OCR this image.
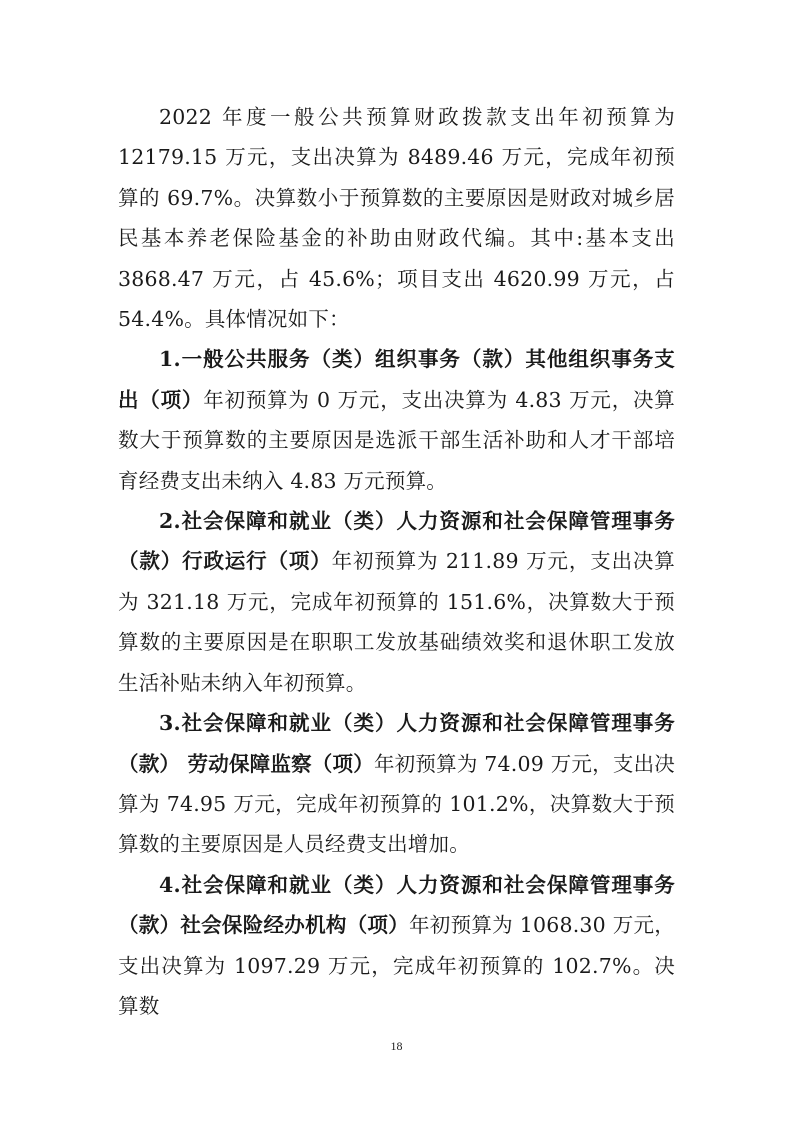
2022 年度一般公共预算财政拨款支出年初预算为 12179.15 万元，支出决算为 8489.46 万元，完成年初预算的 69.7%。决算数小于预算数的主要原因是财政对城乡居民基本养老保险基金的补助由财政代编。其中:基本支出 3868.47 万元，占 45.6%；项目支出 4620.99 万元，占 54.4%。具体情况如下：

1.一般公共服务（类）组织事务（款）其他组织事务支出（项）年初预算为 0 万元，支出决算为 4.83 万元，决算数大于预算数的主要原因是选派干部生活补助和人才干部培育经费支出未纳入 4.83 万元预算。

2.社会保障和就业（类）人力资源和社会保障管理事务（款）行政运行（项）年初预算为 211.89 万元，支出决算为 321.18 万元，完成年初预算的 151.6%，决算数大于预算数的主要原因是在职职工发放基础绩效奖和退休职工发放生活补贴未纳入年初预算。

3.社会保障和就业（类）人力资源和社会保障管理事务（款） 劳动保障监察（项）年初预算为 74.09 万元，支出决算为 74.95 万元，完成年初预算的 101.2%，决算数大于预算数的主要原因是人员经费支出增加。

4.社会保障和就业（类）人力资源和社会保障管理事务（款）社会保险经办机构（项）年初预算为 1068.30 万元，支出决算为 1097.29 万元，完成年初预算的 102.7%。决算数

18
